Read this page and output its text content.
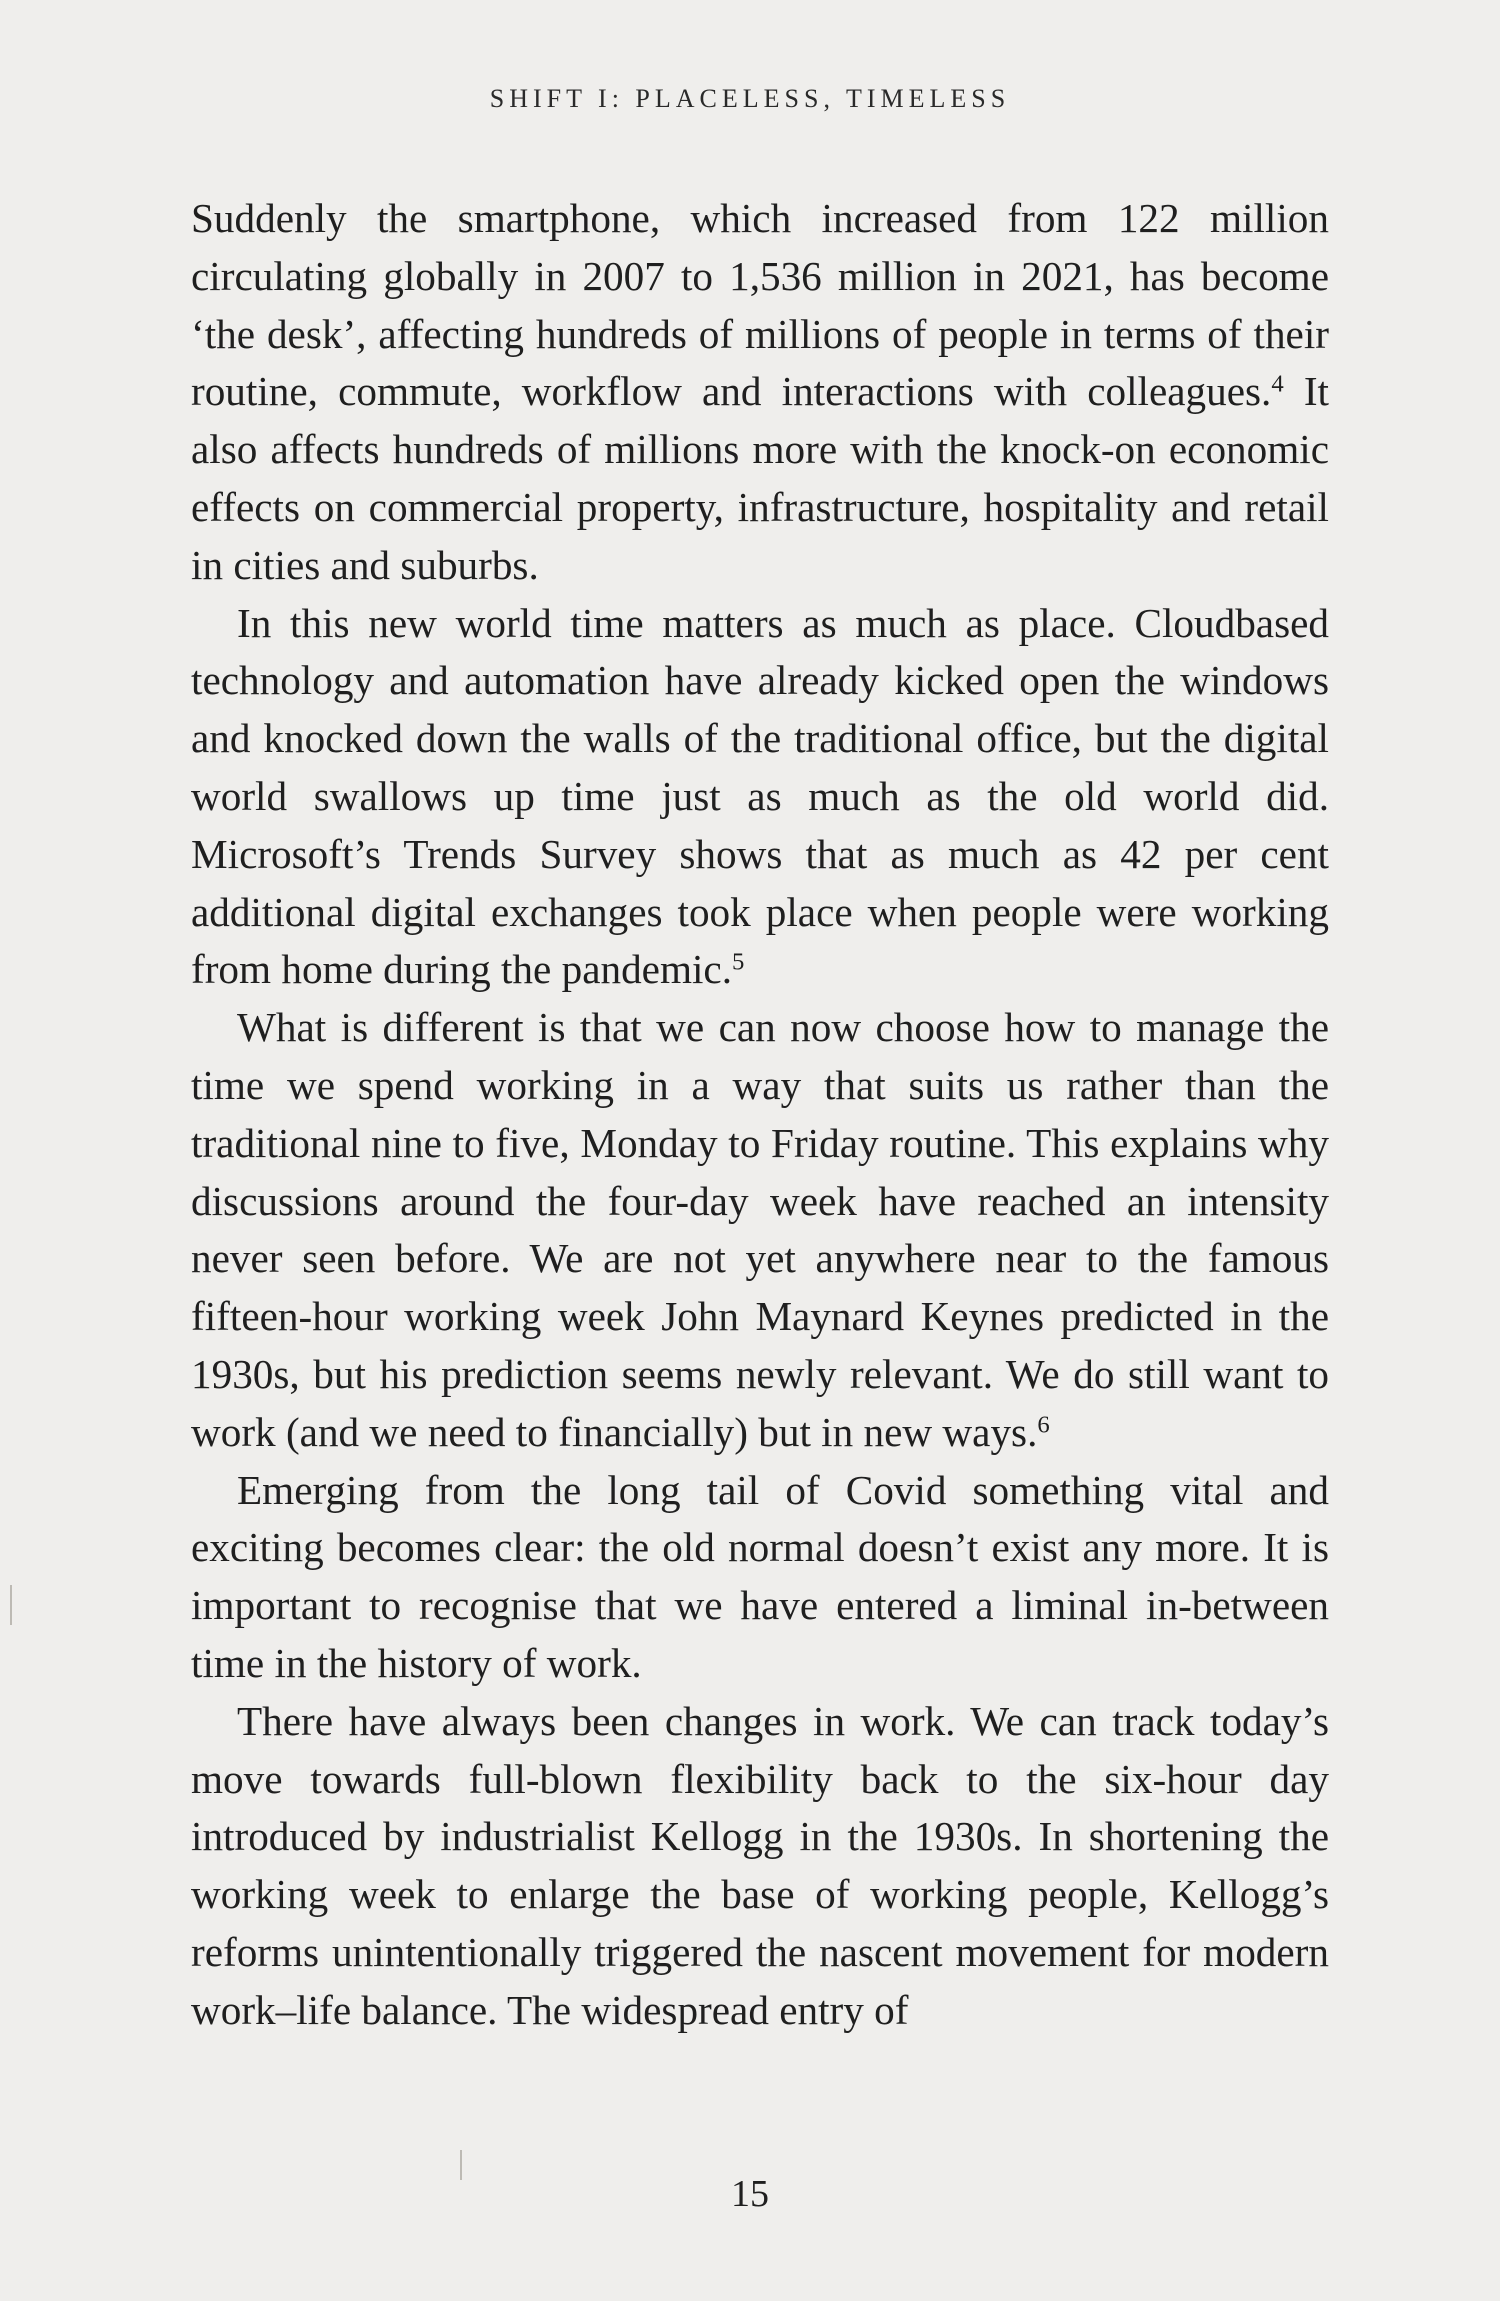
SHIFT I: PLACELESS, TIMELESS

Suddenly the smartphone, which increased from 122 million circulating globally in 2007 to 1,536 million in 2021, has become ‘the desk’, affecting hundreds of millions of people in terms of their routine, commute, workflow and interactions with colleagues.$^4$ It also affects hundreds of millions more with the knock-on economic effects on commercial property, infrastructure, hospitality and retail in cities and suburbs.

In this new world time matters as much as place. Cloudbased technology and automation have already kicked open the windows and knocked down the walls of the traditional office, but the digital world swallows up time just as much as the old world did. Microsoft’s Trends Survey shows that as much as 42 per cent additional digital exchanges took place when people were working from home during the pandemic.$^5$

What is different is that we can now choose how to manage the time we spend working in a way that suits us rather than the traditional nine to five, Monday to Friday routine. This explains why discussions around the four-day week have reached an intensity never seen before. We are not yet anywhere near to the famous fifteen-hour working week John Maynard Keynes predicted in the 1930s, but his prediction seems newly relevant. We do still want to work (and we need to financially) but in new ways.$^6$

Emerging from the long tail of Covid something vital and exciting becomes clear: the old normal doesn’t exist any more. It is important to recognise that we have entered a liminal in-between time in the history of work.

There have always been changes in work. We can track today’s move towards full-blown flexibility back to the six-hour day introduced by industrialist Kellogg in the 1930s. In shortening the working week to enlarge the base of working people, Kellogg’s reforms unintentionally triggered the nascent movement for modern work–life balance. The widespread entry of

15
